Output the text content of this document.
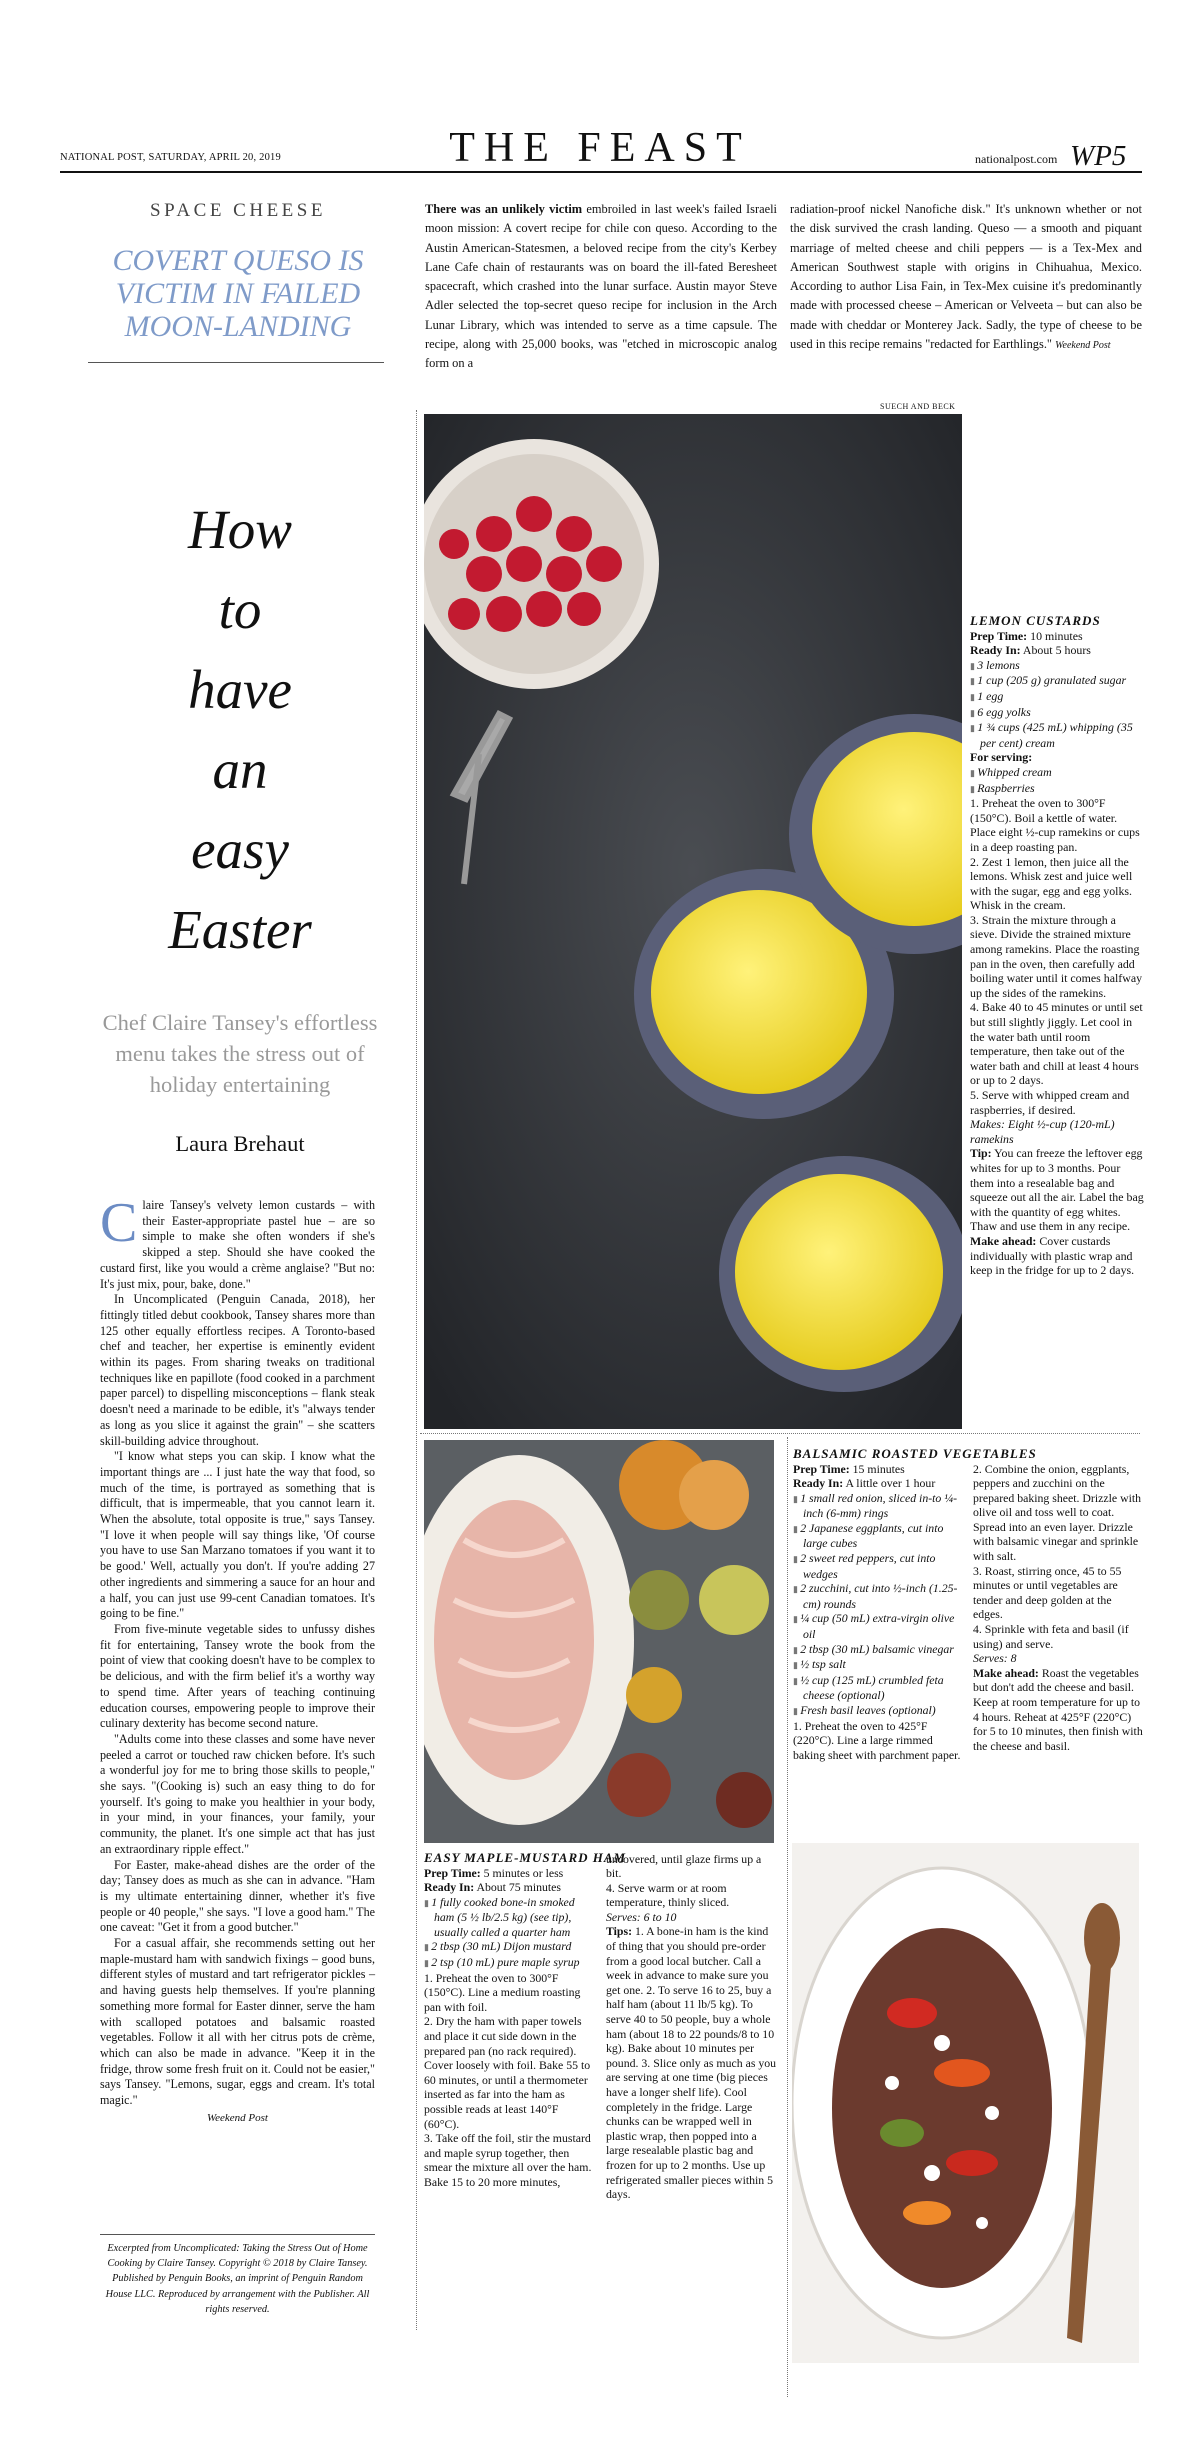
NATIONAL POST, SATURDAY, APRIL 20, 2019	THE FEAST	nationalpost.com WP5
SPACE CHEESE
COVERT QUESO IS VICTIM IN FAILED MOON-LANDING
There was an unlikely victim embroiled in last week's failed Israeli moon mission: A covert recipe for chile con queso. According to the Austin American-Statesmen, a beloved recipe from the city's Kerbey Lane Cafe chain of restaurants was on board the ill-fated Beresheet spacecraft, which crashed into the lunar surface. Austin mayor Steve Adler selected the top-secret queso recipe for inclusion in the Arch Lunar Library, which was intended to serve as a time capsule. The recipe, along with 25,000 books, was "etched in microscopic analog form on a
radiation-proof nickel Nanofiche disk." It's unknown whether or not the disk survived the crash landing. Queso — a smooth and piquant marriage of melted cheese and chili peppers — is a Tex-Mex and American Southwest staple with origins in Chihuahua, Mexico. According to author Lisa Fain, in Tex-Mex cuisine it's predominantly made with processed cheese – American or Velveeta – but can also be made with cheddar or Monterey Jack. Sadly, the type of cheese to be used in this recipe remains "redacted for Earthlings." Weekend Post
SUECH AND BECK
How
to
have
an
easy
Easter
Chef Claire Tansey's effortless menu takes the stress out of holiday entertaining
Laura Brehaut

Claire Tansey's velvety lemon custards – with their Easter-appropriate pastel hue – are so simple to make she often wonders if she's skipped a step. Should she have cooked the custard first, like you would a crème anglaise? "But no: It's just mix, pour, bake, done."

In Uncomplicated (Penguin Canada, 2018), her fittingly titled debut cookbook, Tansey shares more than 125 other equally effortless recipes. A Toronto-based chef and teacher, her expertise is eminently evident within its pages. From sharing tweaks on traditional techniques like en papillote (food cooked in a parchment paper parcel) to dispelling misconceptions – flank steak doesn't need a marinade to be edible, it's "always tender as long as you slice it against the grain" – she scatters skill-building advice throughout.

"I know what steps you can skip. I know what the important things are ... I just hate the way that food, so much of the time, is portrayed as something that is difficult, that is impermeable, that you cannot learn it. When the absolute, total opposite is true," says Tansey. "I love it when people will say things like, 'Of course you have to use San Marzano tomatoes if you want it to be good.' Well, actually you don't. If you're adding 27 other ingredients and simmering a sauce for an hour and a half, you can just use 99-cent Canadian tomatoes. It's going to be fine."

From five-minute vegetable sides to unfussy dishes fit for entertaining, Tansey wrote the book from the point of view that cooking doesn't have to be complex to be delicious, and with the firm belief it's a worthy way to spend time. After years of teaching continuing education courses, empowering people to improve their culinary dexterity has become second nature.

"Adults come into these classes and some have never peeled a carrot or touched raw chicken before. It's such a wonderful joy for me to bring those skills to people," she says. "(Cooking is) such an easy thing to do for yourself. It's going to make you healthier in your body, in your mind, in your finances, your family, your community, the planet. It's one simple act that has just an extraordinary ripple effect."

For Easter, make-ahead dishes are the order of the day; Tansey does as much as she can in advance. "Ham is my ultimate entertaining dinner, whether it's five people or 40 people," she says. "I love a good ham." The one caveat: "Get it from a good butcher."

For a casual affair, she recommends setting out her maple-mustard ham with sandwich fixings – good buns, different styles of mustard and tart refrigerator pickles – and having guests help themselves. If you're planning something more formal for Easter dinner, serve the ham with scalloped potatoes and balsamic roasted vegetables. Follow it all with her citrus pots de crème, which can also be made in advance. "Keep it in the fridge, throw some fresh fruit on it. Could not be easier," says Tansey. "Lemons, sugar, eggs and cream. It's total magic."

Weekend Post
Excerpted from Uncomplicated: Taking the Stress Out of Home Cooking by Claire Tansey. Copyright © 2018 by Claire Tansey. Published by Penguin Books, an imprint of Penguin Random House LLC. Reproduced by arrangement with the Publisher. All rights reserved.
LEMON CUSTARDS

Prep Time: 10 minutes

Ready In: About 5 hours

▮ 3 lemons

▮ 1 cup (205 g) granulated sugar

▮ 1 egg

▮ 6 egg yolks

▮ 1 ¾ cups (425 mL) whipping (35 per cent) cream

For serving:

▮ Whipped cream

▮ Raspberries

1. Preheat the oven to 300°F (150°C). Boil a kettle of water. Place eight ½-cup ramekins or cups in a deep roasting pan.

2. Zest 1 lemon, then juice all the lemons. Whisk zest and juice well with the sugar, egg and egg yolks. Whisk in the cream.

3. Strain the mixture through a sieve. Divide the strained mixture among ramekins. Place the roasting pan in the oven, then carefully add boiling water until it comes halfway up the sides of the ramekins.

4. Bake 40 to 45 minutes or until set but still slightly jiggly. Let cool in the water bath until room temperature, then take out of the water bath and chill at least 4 hours or up to 2 days.

5. Serve with whipped cream and raspberries, if desired.

Makes: Eight ½-cup (120-mL) ramekins

Tip: You can freeze the leftover egg whites for up to 3 months. Pour them into a resealable bag and squeeze out all the air. Label the bag with the quantity of egg whites. Thaw and use them in any recipe.

Make ahead: Cover custards individually with plastic wrap and keep in the fridge for up to 2 days.

BALSAMIC ROASTED VEGETABLES

Prep Time: 15 minutes

Ready In: A little over 1 hour

▮ 1 small red onion, sliced in-to ¼-inch (6-mm) rings

▮ 2 Japanese eggplants, cut into large cubes

▮ 2 sweet red peppers, cut into wedges

▮ 2 zucchini, cut into ½-inch (1.25-cm) rounds

▮ ¼ cup (50 mL) extra-virgin olive oil

▮ 2 tbsp (30 mL) balsamic vinegar

▮ ½ tsp salt

▮ ½ cup (125 mL) crumbled feta cheese (optional)

▮ Fresh basil leaves (optional)

1. Preheat the oven to 425°F (220°C). Line a large rimmed baking sheet with parchment paper.

2. Combine the onion, eggplants, peppers and zucchini on the prepared baking sheet. Drizzle with olive oil and toss well to coat. Spread into an even layer. Drizzle with balsamic vinegar and sprinkle with salt.

3. Roast, stirring once, 45 to 55 minutes or until vegetables are tender and deep golden at the edges.

4. Sprinkle with feta and basil (if using) and serve.

Serves: 8

Make ahead: Roast the vegetables but don't add the cheese and basil. Keep at room temperature for up to 4 hours. Reheat at 425°F (220°C) for 5 to 10 minutes, then finish with the cheese and basil.

EASY MAPLE-MUSTARD HAM

Prep Time: 5 minutes or less

Ready In: About 75 minutes

▮ 1 fully cooked bone-in smoked ham (5 ½ lb/2.5 kg) (see tip), usually called a quarter ham

▮ 2 tbsp (30 mL) Dijon mustard

▮ 2 tsp (10 mL) pure maple syrup

1. Preheat the oven to 300°F (150°C). Line a medium roasting pan with foil.

2. Dry the ham with paper towels and place it cut side down in the prepared pan (no rack required). Cover loosely with foil. Bake 55 to 60 minutes, or until a thermometer inserted as far into the ham as possible reads at least 140°F (60°C).

3. Take off the foil, stir the mustard and maple syrup together, then smear the mixture all over the ham. Bake 15 to 20 more minutes,

uncovered, until glaze firms up a bit.

4. Serve warm or at room temperature, thinly sliced.

Serves: 6 to 10

Tips: 1. A bone-in ham is the kind of thing that you should pre-order from a good local butcher. Call a week in advance to make sure you get one. 2. To serve 16 to 25, buy a half ham (about 11 lb/5 kg). To serve 40 to 50 people, buy a whole ham (about 18 to 22 pounds/8 to 10 kg). Bake about 10 minutes per pound. 3. Slice only as much as you are serving at one time (big pieces have a longer shelf life). Cool completely in the fridge. Large chunks can be wrapped well in plastic wrap, then popped into a large resealable plastic bag and frozen for up to 2 months. Use up refrigerated smaller pieces within 5 days.
